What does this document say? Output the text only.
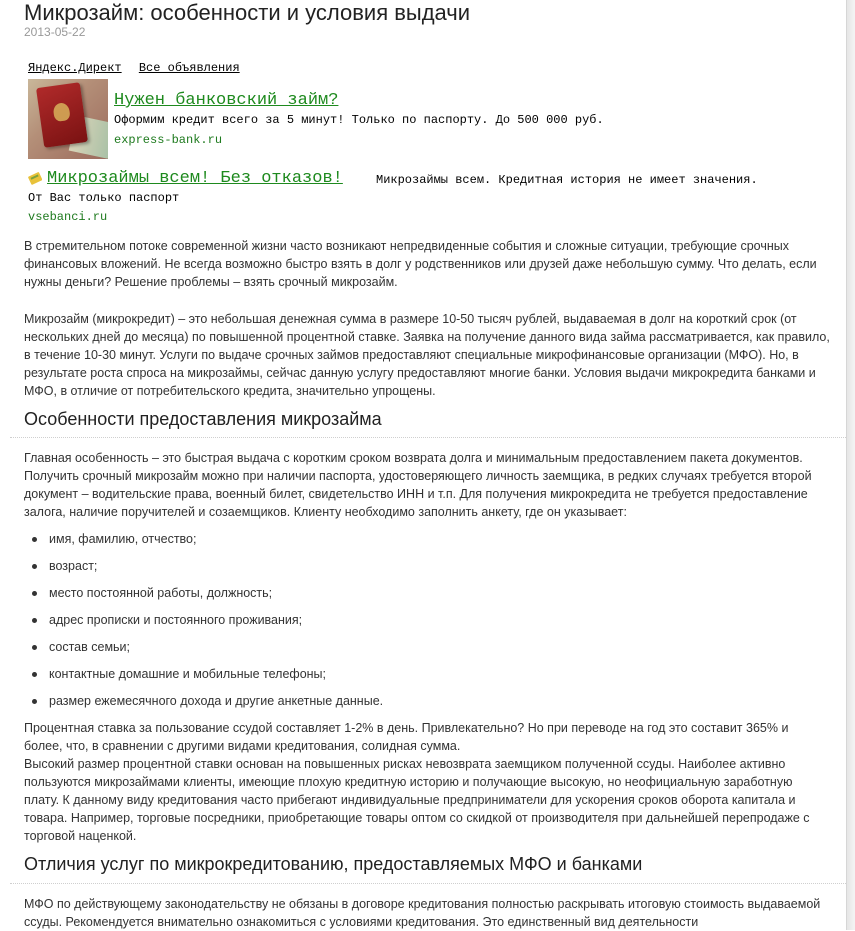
Микрозайм: особенности и условия выдачи
2013-05-22
Яндекс.Директ Все объявления
Нужен банковский займ?
Оформим кредит всего за 5 минут! Только по паспорту. До 500 000 руб.
express-bank.ru
Микрозаймы всем! Без отказов!	Микрозаймы всем. Кредитная история не имеет значения.
От Вас только паспорт
vsebanci.ru

В стремительном потоке современной жизни часто возникают непредвиденные события и сложные ситуации, требующие срочных финансовых вложений. Не всегда возможно быстро взять в долг у родственников или друзей даже небольшую сумму. Что делать, если нужны деньги? Решение проблемы – взять срочный микрозайм.

Микрозайм (микрокредит) – это небольшая денежная сумма в размере 10-50 тысяч рублей, выдаваемая в долг на короткий срок (от нескольких дней до месяца) по повышенной процентной ставке. Заявка на получение данного вида займа рассматривается, как правило, в течение 10-30 минут. Услуги по выдаче срочных займов предоставляют специальные микрофинансовые организации (МФО). Но, в результате роста спроса на микрозаймы, сейчас данную услугу предоставляют многие банки. Условия выдачи микрокредита банками и МФО, в отличие от потребительского кредита, значительно упрощены.

Особенности предоставления микрозайма

Главная особенность – это быстрая выдача с коротким сроком возврата долга и минимальным предоставлением пакета документов. Получить срочный микрозайм можно при наличии паспорта, удостоверяющего личность заемщика, в редких случаях требуется второй документ – водительские права, военный билет, свидетельство ИНН и т.п. Для получения микрокредита не требуется предоставление залога, наличие поручителей и созаемщиков. Клиенту необходимо заполнить анкету, где он указывает:

имя, фамилию, отчество;
возраст;
место постоянной работы, должность;
адрес прописки и постоянного проживания;
состав семьи;
контактные домашние и мобильные телефоны;
размер ежемесячного дохода и другие анкетные данные.

Процентная ставка за пользование ссудой составляет 1-2% в день. Привлекательно? Но при переводе на год это составит 365% и более, что, в сравнении с другими видами кредитования, солидная сумма.

Высокий размер процентной ставки основан на повышенных рисках невозврата заемщиком полученной ссуды. Наиболее активно пользуются микрозаймами клиенты, имеющие плохую кредитную историю и получающие высокую, но неофициальную заработную плату. К данному виду кредитования часто прибегают индивидуальные предприниматели для ускорения сроков оборота капитала и товара. Например, торговые посредники, приобретающие товары оптом со скидкой от производителя при дальнейшей перепродаже с торговой наценкой.

Отличия услуг по микрокредитованию, предоставляемых МФО и банками

МФО по действующему законодательству не обязаны в договоре кредитования полностью раскрывать итоговую стоимость выдаваемой ссуды. Рекомендуется внимательно ознакомиться с условиями кредитования. Это единственный вид деятельности
